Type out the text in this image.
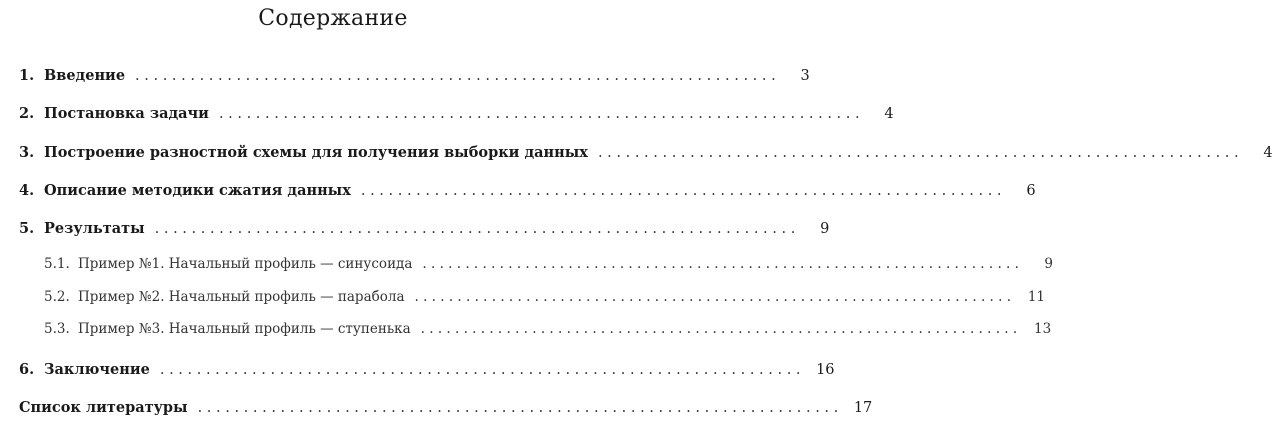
Содержание
1. Введение . . . . . . . . . . . . . . . . . . . . . . . . . . . . . . . . . . . . . . . . . . . . . . . . . . . . . . . . . . . . . . . . . . . . . .	3
2. Постановка задачи . . . . . . . . . . . . . . . . . . . . . . . . . . . . . . . . . . . . . . . . . . . . . . . . . . . . . . . . . . . . . . . . . . . . . .	4
3. Построение разностной схемы для получения выборки данных . . . . . . . . . . . . . . . . . . . . . . . . . . . . . . . . . . . . . . . . . . . . . . . . . . . . . . . . . . . . . . . . . . . . . .	4
4. Описание методики сжатия данных . . . . . . . . . . . . . . . . . . . . . . . . . . . . . . . . . . . . . . . . . . . . . . . . . . . . . . . . . . . . . . . . . . . . . .	6
5. Результаты . . . . . . . . . . . . . . . . . . . . . . . . . . . . . . . . . . . . . . . . . . . . . . . . . . . . . . . . . . . . . . . . . . . . . .	9
5.1. Пример №1. Начальный профиль — синусоида . . . . . . . . . . . . . . . . . . . . . . . . . . . . . . . . . . . . . . . . . . . . . . . . . . . . . . . . . . . . . . . . . . . . . .	9
5.2. Пример №2. Начальный профиль — парабола . . . . . . . . . . . . . . . . . . . . . . . . . . . . . . . . . . . . . . . . . . . . . . . . . . . . . . . . . . . . . . . . . . . . . .	11
5.3. Пример №3. Начальный профиль — ступенька . . . . . . . . . . . . . . . . . . . . . . . . . . . . . . . . . . . . . . . . . . . . . . . . . . . . . . . . . . . . . . . . . . . . . .	13
6. Заключение . . . . . . . . . . . . . . . . . . . . . . . . . . . . . . . . . . . . . . . . . . . . . . . . . . . . . . . . . . . . . . . . . . . . . .	16
Список литературы . . . . . . . . . . . . . . . . . . . . . . . . . . . . . . . . . . . . . . . . . . . . . . . . . . . . . . . . . . . . . . . . . . . . . .	17
